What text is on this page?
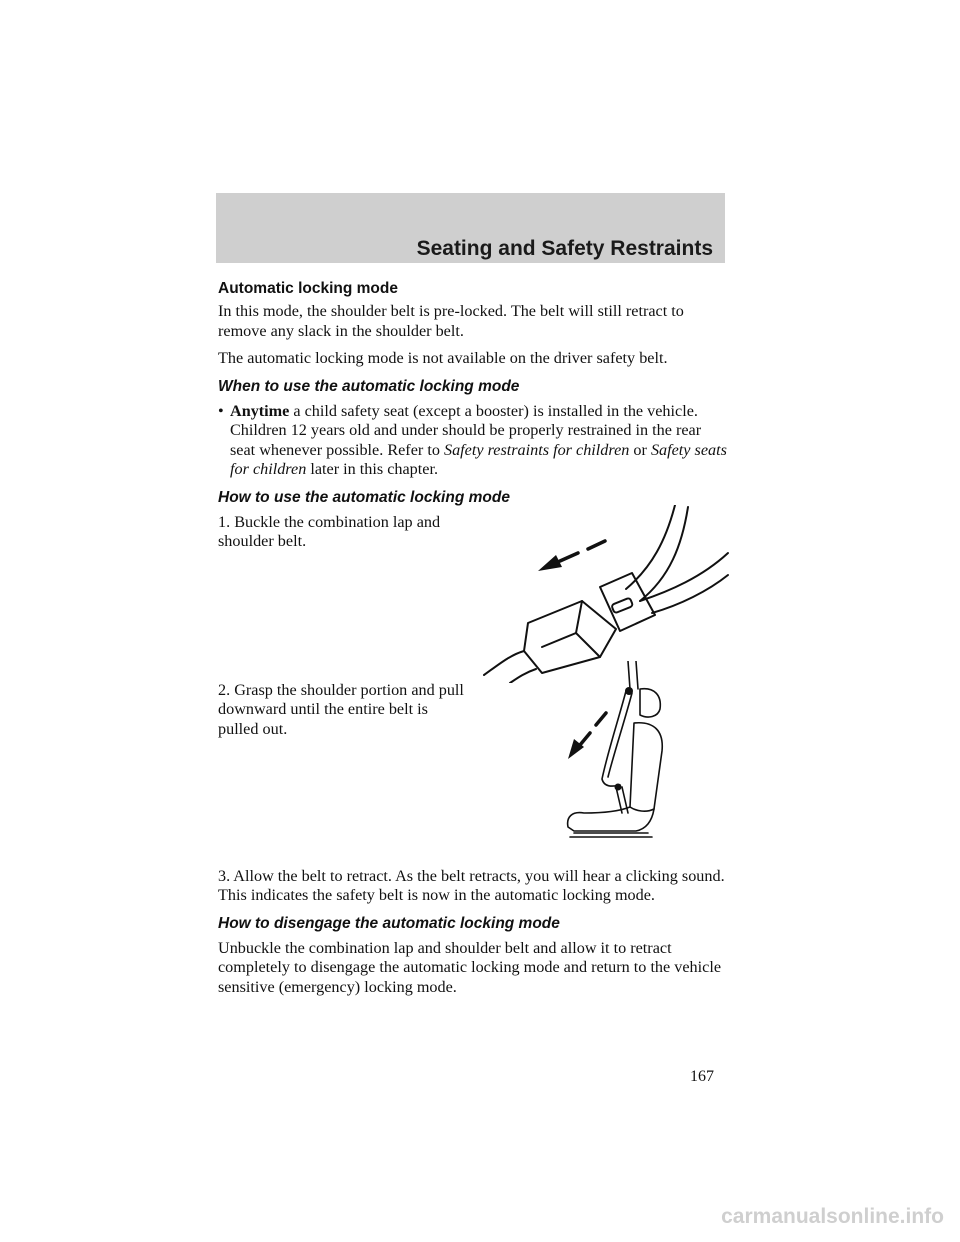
Seating and Safety Restraints
Automatic locking mode

In this mode, the shoulder belt is pre-locked. The belt will still retract to remove any slack in the shoulder belt.

The automatic locking mode is not available on the driver safety belt.

When to use the automatic locking mode
• Anytime a child safety seat (except a booster) is installed in the vehicle. Children 12 years old and under should be properly restrained in the rear seat whenever possible. Refer to Safety restraints for children or Safety seats for children later in this chapter.
How to use the automatic locking mode
1. Buckle the combination lap and shoulder belt.
2. Grasp the shoulder portion and pull downward until the entire belt is pulled out.

3. Allow the belt to retract. As the belt retracts, you will hear a clicking sound. This indicates the safety belt is now in the automatic locking mode.

How to disengage the automatic locking mode

Unbuckle the combination lap and shoulder belt and allow it to retract completely to disengage the automatic locking mode and return to the vehicle sensitive (emergency) locking mode.

167
carmanualsonline.info
